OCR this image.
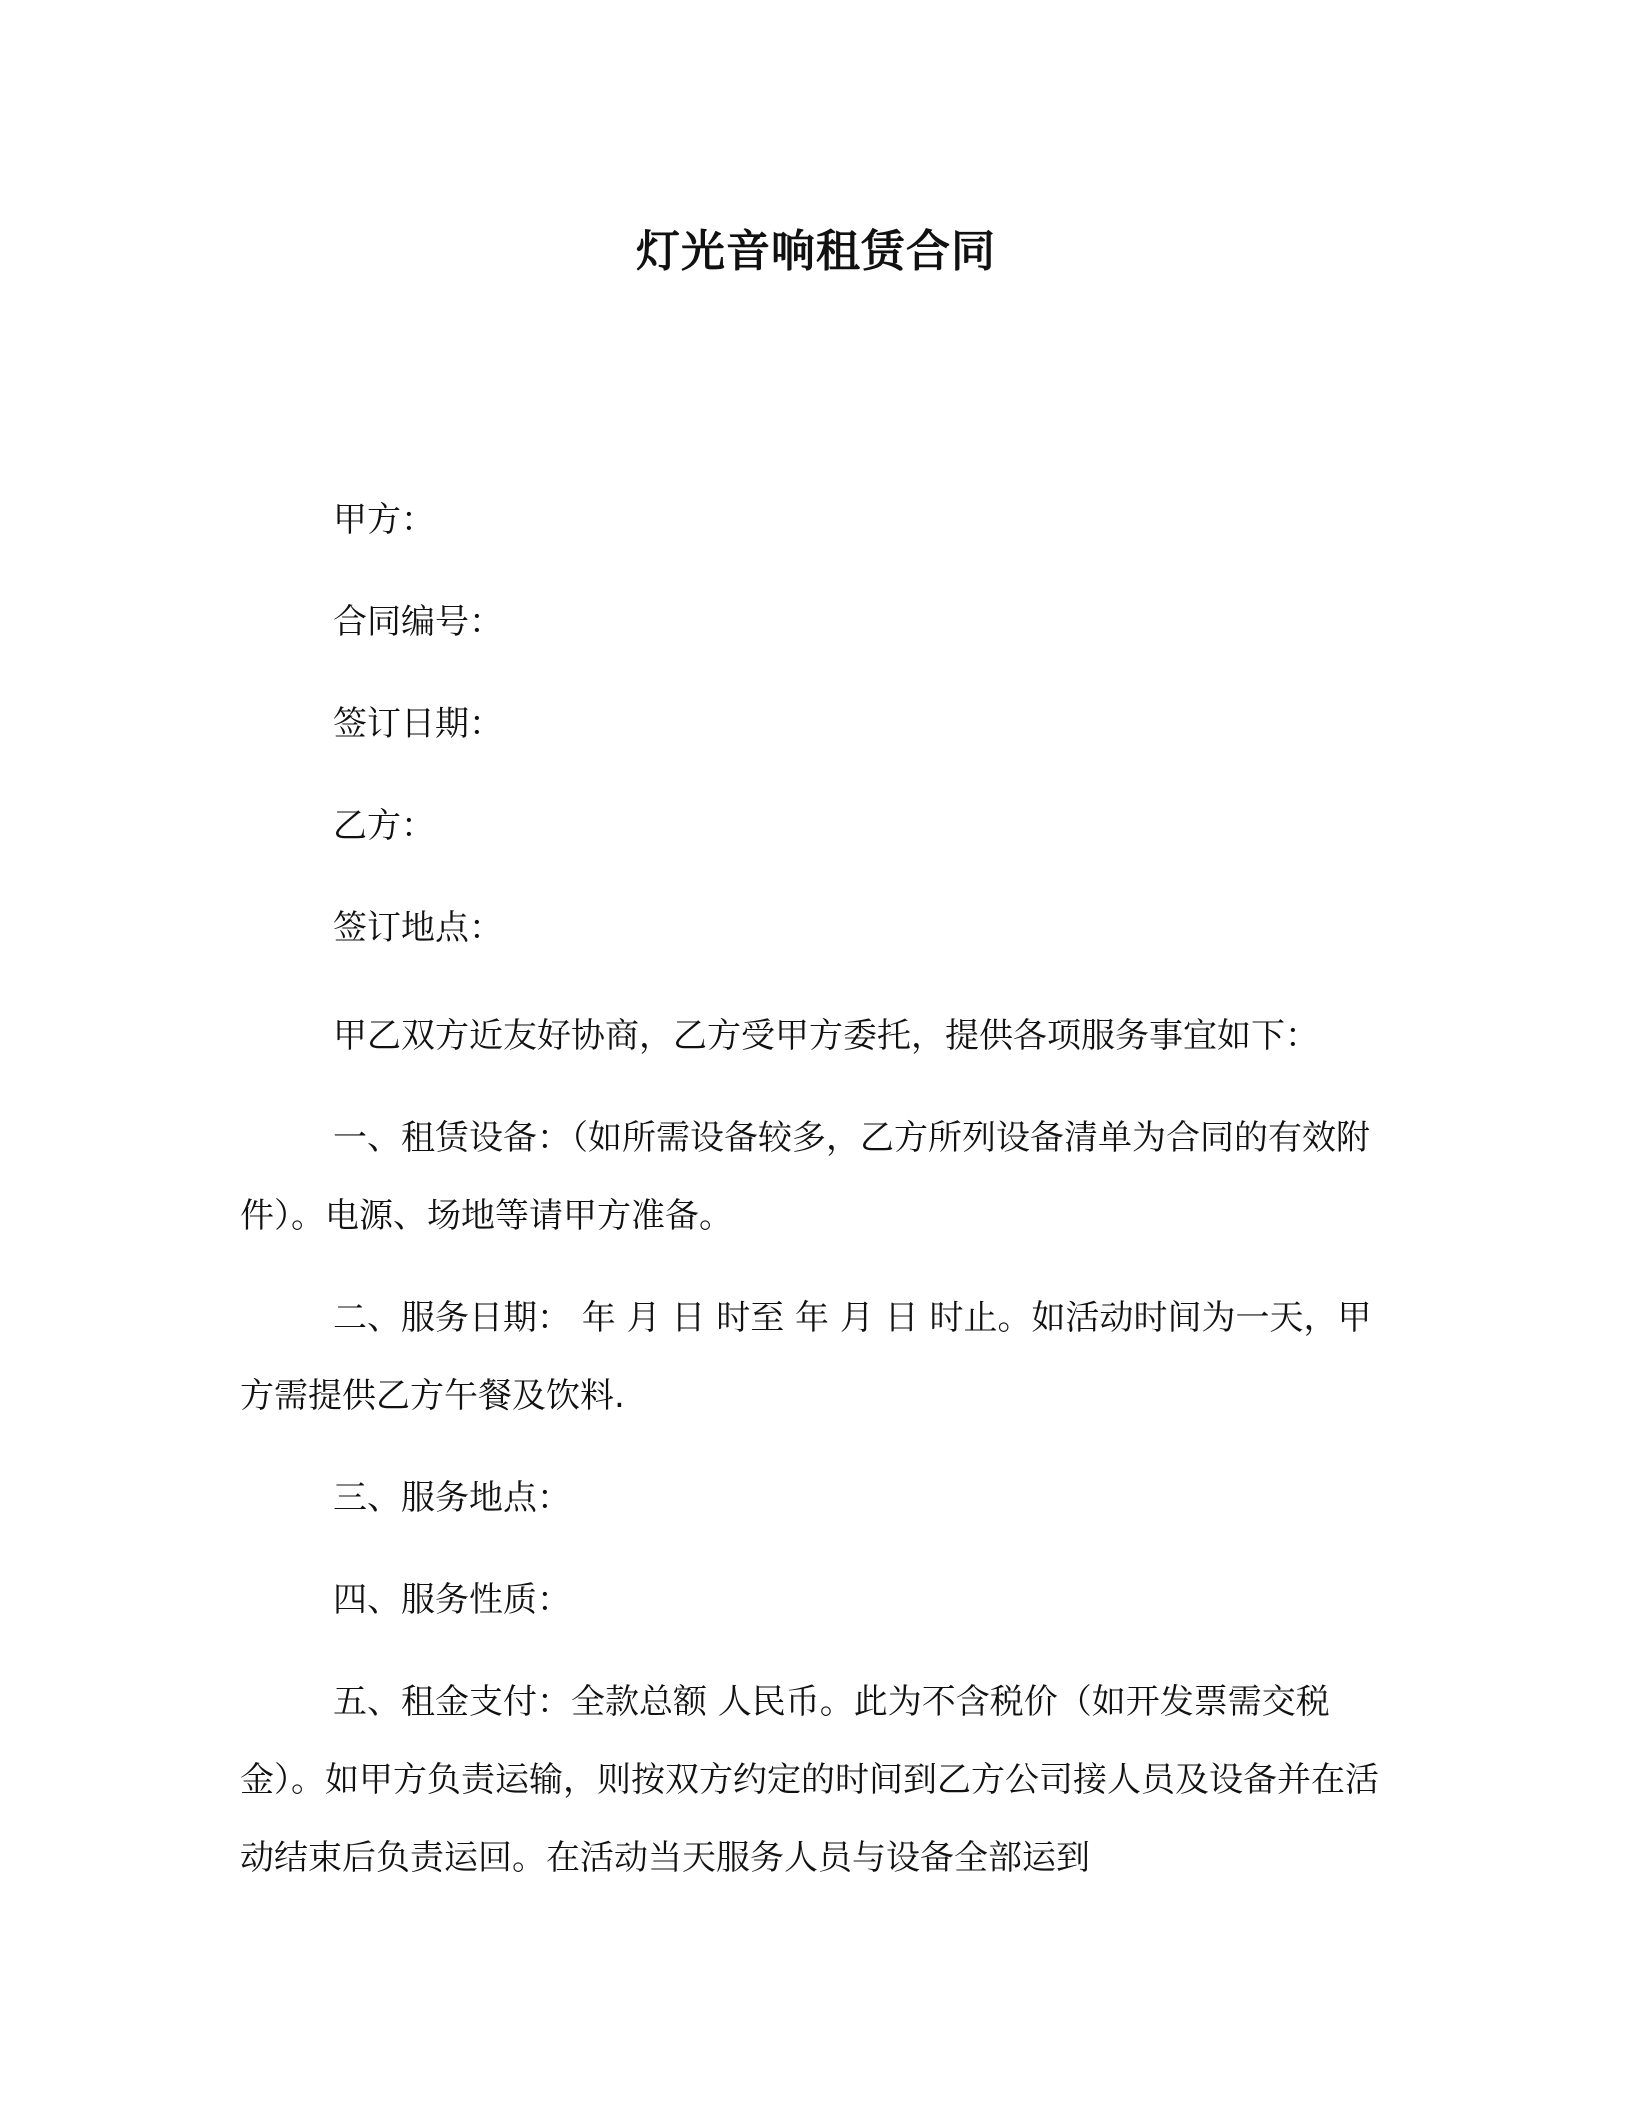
灯光音响租赁合同

甲方：

合同编号：

签订日期：

乙方：

签订地点：

甲乙双方近友好协商，乙方受甲方委托，提供各项服务事宜如下：

一、租赁设备：（如所需设备较多，乙方所列设备清单为合同的有效附件）。电源、场地等请甲方准备。

二、服务日期： 年 月 日 时至 年 月 日 时止。如活动时间为一天，甲方需提供乙方午餐及饮料.

三、服务地点：

四、服务性质：

五、租金支付：全款总额 人民币。此为不含税价（如开发票需交税金）。如甲方负责运输，则按双方约定的时间到乙方公司接人员及设备并在活动结束后负责运回。在活动当天服务人员与设备全部运到
